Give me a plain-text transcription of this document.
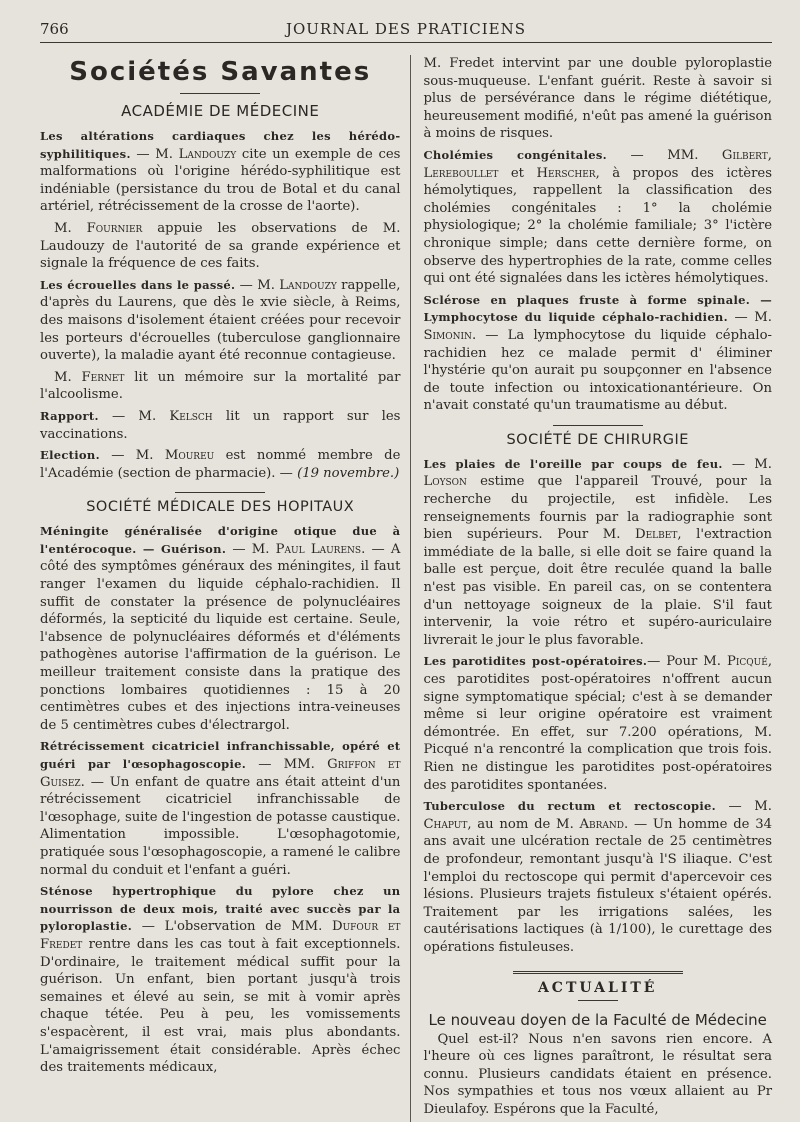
766	JOURNAL DES PRATICIENS
Sociétés Savantes
ACADÉMIE DE MÉDECINE

Les altérations cardiaques chez les hérédo-syphilitiques. — M. Landouzy cite un exemple de ces malformations où l'origine hérédo-syphilitique est indéniable (persistance du trou de Botal et du canal artériel, rétrécissement de la crosse de l'aorte).

M. Fournier appuie les observations de M. Laudouzy de l'autorité de sa grande expérience et signale la fréquence de ces faits.

Les écrouelles dans le passé. — M. Landouzy rappelle, d'après du Laurens, que dès le xvie siècle, à Reims, des maisons d'isolement étaient créées pour recevoir les porteurs d'écrouelles (tuberculose ganglionnaire ouverte), la maladie ayant été reconnue contagieuse.

M. Fernet lit un mémoire sur la mortalité par l'alcoolisme.

Rapport. — M. Kelsch lit un rapport sur les vaccinations.

Election. — M. Moureu est nommé membre de l'Académie (section de pharmacie). — (19 novembre.)

SOCIÉTÉ MÉDICALE DES HOPITAUX

Méningite généralisée d'origine otique due à l'entérocoque. — Guérison. — M. Paul Laurens. — A côté des symptômes généraux des méningites, il faut ranger l'examen du liquide céphalo-rachidien. Il suffit de constater la présence de polynucléaires déformés, la septicité du liquide est certaine. Seule, l'absence de polynucléaires déformés et d'éléments pathogènes autorise l'affirmation de la guérison. Le meilleur traitement consiste dans la pratique des ponctions lombaires quotidiennes : 15 à 20 centimètres cubes et des injections intra-veineuses de 5 centimètres cubes d'électrargol.

Rétrécissement cicatriciel infranchissable, opéré et guéri par l'œsophagoscopie. — MM. Griffon et Guisez. — Un enfant de quatre ans était atteint d'un rétrécissement cicatriciel infranchissable de l'œsophage, suite de l'ingestion de potasse caustique. Alimentation impossible. L'œsophagotomie, pratiquée sous l'œsophagoscopie, a ramené le calibre normal du conduit et l'enfant a guéri.

Sténose hypertrophique du pylore chez un nourrisson de deux mois, traité avec succès par la pyloroplastie. — L'observation de MM. Dufour et Fredet rentre dans les cas tout à fait exceptionnels. D'ordinaire, le traitement médical suffit pour la guérison. Un enfant, bien portant jusqu'à trois semaines et élevé au sein, se mit à vomir après chaque tétée. Peu à peu, les vomissements s'espacèrent, il est vrai, mais plus abondants. L'amaigrissement était considérable. Après échec des traitements médicaux,

M. Fredet intervint par une double pyloroplastie sous-muqueuse. L'enfant guérit. Reste à savoir si plus de persévérance dans le régime diététique, heureusement modifié, n'eût pas amené la guérison à moins de risques.

Cholémies congénitales. — MM. Gilbert, Lereboullet et Herscher, à propos des ictères hémolytiques, rappellent la classification des cholémies congénitales : 1° la cholémie physiologique; 2° la cholémie familiale; 3° l'ictère chronique simple; dans cette dernière forme, on observe des hypertrophies de la rate, comme celles qui ont été signalées dans les ictères hémolytiques.

Sclérose en plaques fruste à forme spinale. — Lymphocytose du liquide céphalo-rachidien. — M. Simonin. — La lymphocytose du liquide céphalo-rachidien hez ce malade permit d' éliminer l'hystérie qu'on aurait pu soupçonner en l'absence de toute infection ou intoxicationantérieure. On n'avait constaté qu'un traumatisme au début.

SOCIÉTÉ DE CHIRURGIE

Les plaies de l'oreille par coups de feu. — M. Loyson estime que l'appareil Trouvé, pour la recherche du projectile, est infidèle. Les renseignements fournis par la radiographie sont bien supérieurs. Pour M. Delbet, l'extraction immédiate de la balle, si elle doit se faire quand la balle est perçue, doit être reculée quand la balle n'est pas visible. En pareil cas, on se contentera d'un nettoyage soigneux de la plaie. S'il faut intervenir, la voie rétro et supéro-auriculaire livrerait le jour le plus favorable.

Les parotidites post-opératoires.— Pour M. Picqué, ces parotidites post-opératoires n'offrent aucun signe symptomatique spécial; c'est à se demander même si leur origine opératoire est vraiment démontrée. En effet, sur 7.200 opérations, M. Picqué n'a rencontré la complication que trois fois. Rien ne distingue les parotidites post-opératoires des parotidites spontanées.

Tuberculose du rectum et rectoscopie. — M. Chaput, au nom de M. Abrand. — Un homme de 34 ans avait une ulcération rectale de 25 centimètres de profondeur, remontant jusqu'à l'S iliaque. C'est l'emploi du rectoscope qui permit d'apercevoir ces lésions. Plusieurs trajets fistuleux s'étaient opérés. Traitement par les irrigations salées, les cautérisations lactiques (à 1/100), le curettage des opérations fistuleuses.

ACTUALITÉ
Le nouveau doyen de la Faculté de Médecine

Quel est-il? Nous n'en savons rien encore. A l'heure où ces lignes paraîtront, le résultat sera connu. Plusieurs candidats étaient en présence. Nos sympathies et tous nos vœux allaient au Pr Dieulafoy. Espérons que la Faculté,
